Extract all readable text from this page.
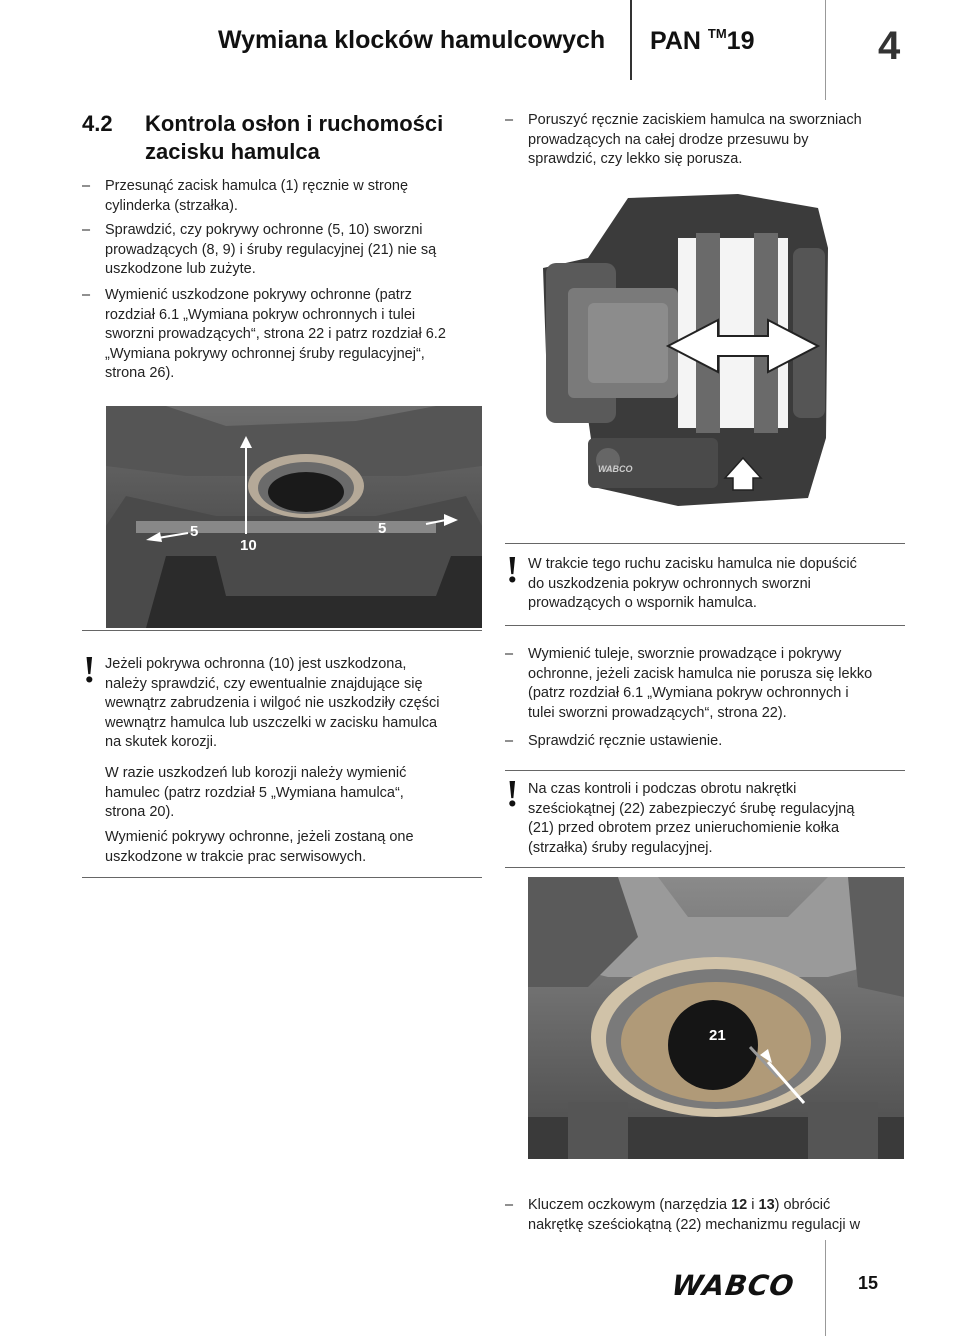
Wymiana klocków hamulcowych PAN ™19	4
4.2 Kontrola osłon i ruchomości
zacisku hamulca
– Przesunąć zacisk hamulca (1) ręcznie w stronę
cylinderka (strzałka).
– Sprawdzić, czy pokrywy ochronne (5, 10) sworzni
prowadzących (8, 9) i śruby regulacyjnej (21) nie są
uszkodzone lub zużyte.
– Wymienić uszkodzone pokrywy ochronne (patrz
rozdział 6.1 „Wymiana pokryw ochronnych i tulei
sworzni prowadzących“, strona 22 i patrz rozdział 6.2
„Wymiana pokrywy ochronnej śruby regulacyjnej“,
strona 26).
5
10
5
! Jeżeli pokrywa ochronna (10) jest uszkodzona,
należy sprawdzić, czy ewentualnie znajdujące się
wewnątrz zabrudzenia i wilgoć nie uszkodziły części
wewnątrz hamulca lub uszczelki w zacisku hamulca
na skutek korozji.
W razie uszkodzeń lub korozji należy wymienić
hamulec (patrz rozdział 5 „Wymiana hamulca“,
strona 20).
Wymienić pokrywy ochronne, jeżeli zostaną one
uszkodzone w trakcie prac serwisowych.
– Poruszyć ręcznie zaciskiem hamulca na sworzniach
prowadzących na całej drodze przesuwu by
sprawdzić, czy lekko się porusza.
WABCO
! W trakcie tego ruchu zacisku hamulca nie dopuścić
do uszkodzenia pokryw ochronnych sworzni
prowadzących o wspornik hamulca.
– Wymienić tuleje, sworznie prowadzące i pokrywy
ochronne, jeżeli zacisk hamulca nie porusza się lekko
(patrz rozdział 6.1 „Wymiana pokryw ochronnych i
tulei sworzni prowadzących“, strona 22).
– Sprawdzić ręcznie ustawienie.
! Na czas kontroli i podczas obrotu nakrętki
sześciokątnej (22) zabezpieczyć śrubę regulacyjną
(21) przed obrotem przez unieruchomienie kołka
(strzałka) śruby regulacyjnej.
21
– Kluczem oczkowym (narzędzia 12 i 13) obrócić
nakrętkę sześciokątną (22) mechanizmu regulacji w
WABCO	15
